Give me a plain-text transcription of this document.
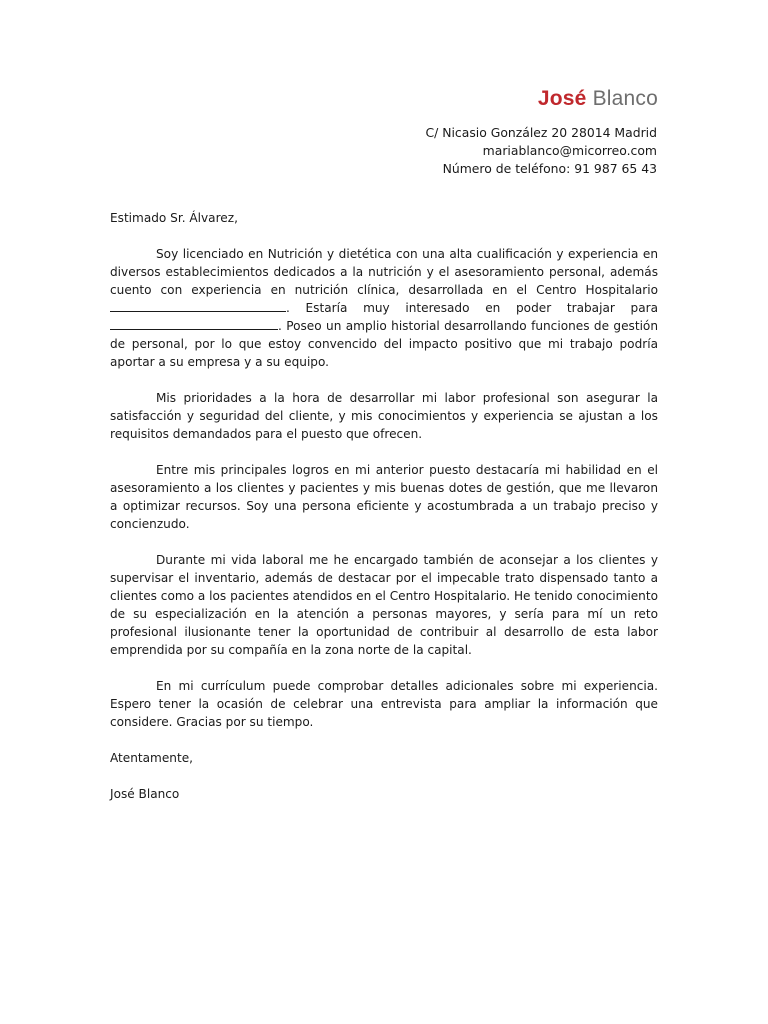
José Blanco
C/ Nicasio González 20 28014 Madrid
mariablanco@micorreo.com
Número de teléfono: 91 987 65 43

Estimado Sr. Álvarez,

Soy licenciado en Nutrición y dietética con una alta cualificación y experiencia en diversos establecimientos dedicados a la nutrición y el asesoramiento personal, además cuento con experiencia en nutrición clínica, desarrollada en el Centro Hospitalario . Estaría muy interesado en poder trabajar para . Poseo un amplio historial desarrollando funciones de gestión de personal, por lo que estoy convencido del impacto positivo que mi trabajo podría aportar a su empresa y a su equipo.

Mis prioridades a la hora de desarrollar mi labor profesional son asegurar la satisfacción y seguridad del cliente, y mis conocimientos y experiencia se ajustan a los requisitos demandados para el puesto que ofrecen.

Entre mis principales logros en mi anterior puesto destacaría mi habilidad en el asesoramiento a los clientes y pacientes y mis buenas dotes de gestión, que me llevaron a optimizar recursos. Soy una persona eficiente y acostumbrada a un trabajo preciso y concienzudo.

Durante mi vida laboral me he encargado también de aconsejar a los clientes y supervisar el inventario, además de destacar por el impecable trato dispensado tanto a clientes como a los pacientes atendidos en el Centro Hospitalario. He tenido conocimiento de su especialización en la atención a personas mayores, y sería para mí un reto profesional ilusionante tener la oportunidad de contribuir al desarrollo de esta labor emprendida por su compañía en la zona norte de la capital.

En mi currículum puede comprobar detalles adicionales sobre mi experiencia. Espero tener la ocasión de celebrar una entrevista para ampliar la información que considere. Gracias por su tiempo.

Atentamente,

José Blanco
